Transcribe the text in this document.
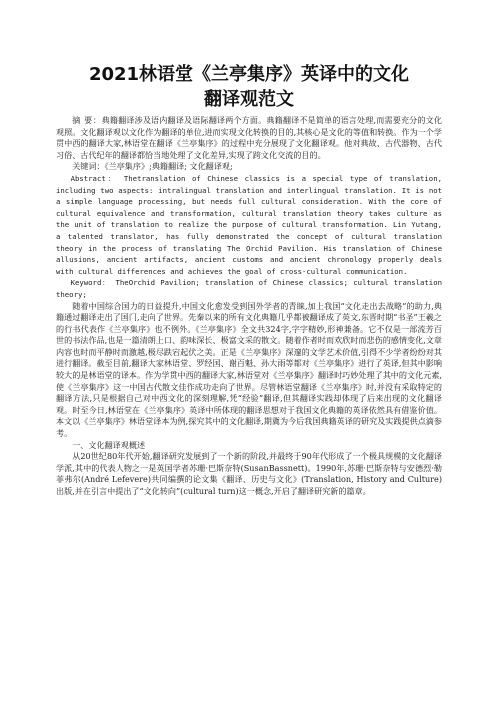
2021林语堂《兰亭集序》英译中的文化
翻译观范文

摘 要：典籍翻译涉及语内翻译及语际翻译两个方面。典籍翻译不是简单的语言处理,而需要充分的文化观照。文化翻译观以文化作为翻译的单位,进而实现文化转换的目的,其核心是文化的等值和转换。作为一个学贯中西的翻译大家,林语堂在翻译《兰亭集序》的过程中充分展现了文化翻译观。他对典故、古代器物、古代习俗、古代纪年的翻译都恰当地处理了文化差异,实现了跨文化交流的目的。

关键词：《兰亭集序》;典籍翻译; 文化翻译观;

Abstract： Thetranslation of Chinese classics is a special type of translation, including two aspects: intralingual translation and interlingual translation. It is not a simple language processing, but needs full cultural consideration. With the core of cultural equivalence and transformation, cultural translation theory takes culture as the unit of translation to realize the purpose of cultural transformation. Lin Yutang, a talented translator, has fully demonstrated the concept of cultural translation theory in the process of translating The Orchid Pavilion. His translation of Chinese allusions, ancient artifacts, ancient customs and ancient chronology properly deals with cultural differences and achieves the goal of cross-cultural communication.

Keyword： TheOrchid Pavilion; translation of Chinese classics; cultural translation theory;

随着中国综合国力的日益提升,中国文化愈发受到国外学者的青睐,加上我国“文化走出去战略”的助力,典籍通过翻译走出了国门,走向了世界。先秦以来的所有文化典籍几乎都被翻译成了英文,东晋时期“书圣”王羲之的行书代表作《兰亭集序》也不例外。《兰亭集序》全文共324字,字字精妙,形神兼备。它不仅是一部流芳百世的书法作品,也是一篇清朗上口、韵味深长、极富文采的散文。随着作者时而欢欣时而悲伤的感情变化,文章内容也时而平静时而激越,极尽跌宕起伏之美。正是《兰亭集序》深邃的文学艺术价值,引得不少学者纷纷对其进行翻译。截至目前,翻译大家林语堂、罗经国、谢百魁、孙大雨等都对《兰亭集序》进行了英译,但其中影响较大的是林语堂的译本。作为学贯中西的翻译大家,林语堂对《兰亭集序》翻译时巧妙处理了其中的文化元素,使《兰亭集序》这一中国古代散文佳作成功走向了世界。尽管林语堂翻译《兰亭集序》时,并没有采取特定的翻译方法,只是根据自己对中西文化的深刻理解,凭“经验”翻译,但其翻译实践却体现了后来出现的文化翻译观。时至今日,林语堂在《兰亭集序》英译中所体现的翻译思想对于我国文化典籍的英译依然具有借鉴价值。本文以《兰亭集序》林语堂译本为例,探究其中的文化翻译,期冀为今后我国典籍英译的研究及实践提供点滴参考。

一、文化翻译观概述

从20世纪80年代开始,翻译研究发展到了一个新的阶段,并最终于90年代形成了一个极具规模的文化翻译学派,其中的代表人物之一是英国学者苏珊·巴斯奈特(SusanBassnett)。1990年,苏珊·巴斯奈特与安德烈·勒菲弗尔(André Lefevere)共同编撰的论文集《翻译、历史与文化》(Translation, History and Culture)出版,并在引言中提出了“文化转向”(cultural turn)这一概念,开启了翻译研究新的篇章。
